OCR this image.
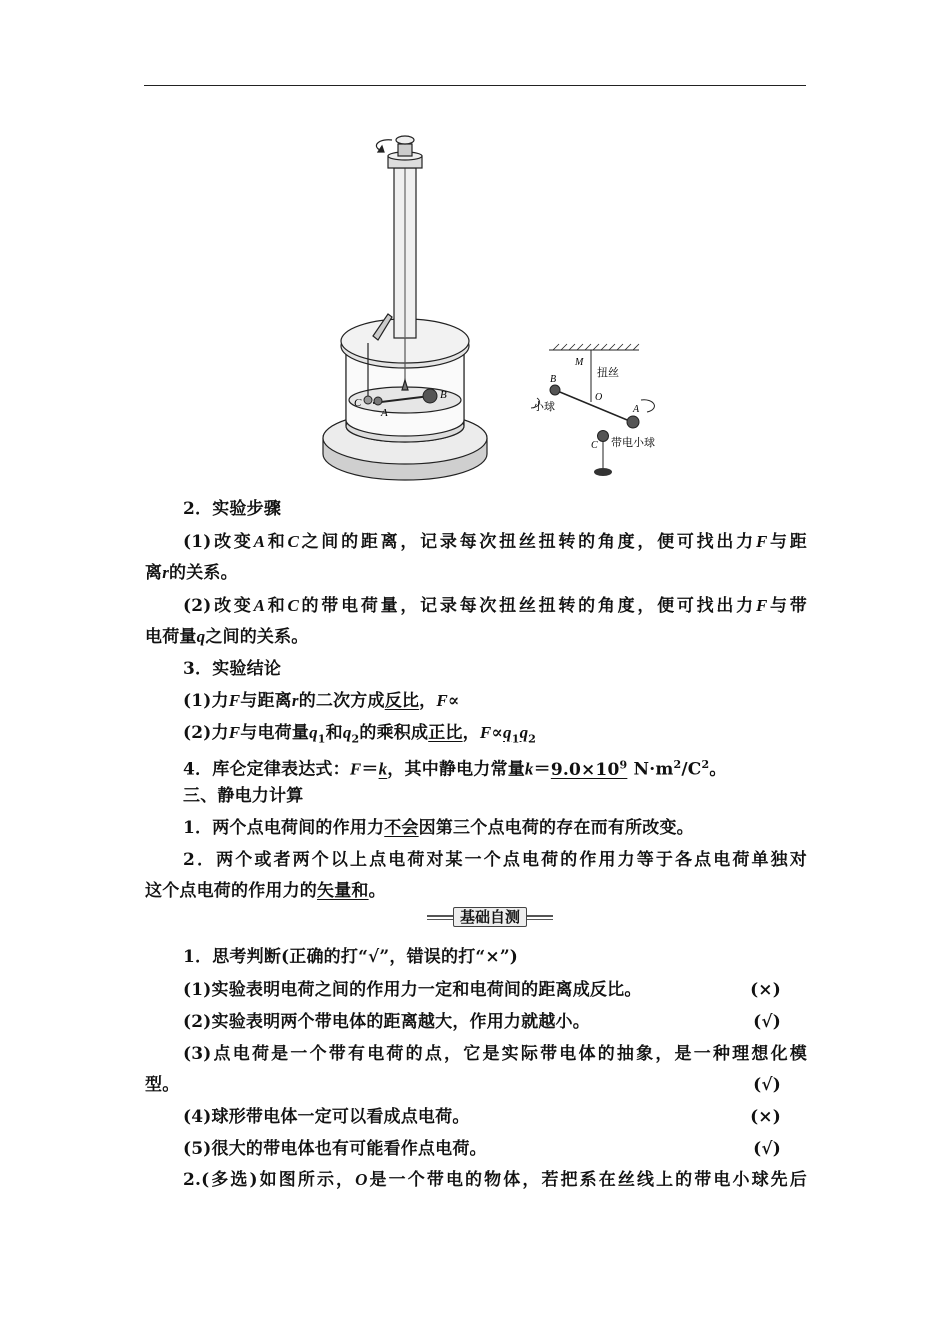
C
A
B
M
扭丝
B
O
小球	A
C 带电小球
2．实验步骤
(1)改变A和C之间的距离，记录每次扭丝扭转的角度，便可找出力F与距
离r的关系。
(2)改变A和C的带电荷量，记录每次扭丝扭转的角度，便可找出力F与带
电荷量q之间的关系。
3．实验结论
(1)力F与距离r的二次方成反比，F∝
(2)力F与电荷量$q_1$和$q_2$的乘积成正比，$F\propto q_1q_2$
4．库仑定律表达式：F＝k，其中静电力常量$k=9.0\times 10^9$ $N\cdot m^2/C^2$。
三、静电力计算
1．两个点电荷间的作用力不会因第三个点电荷的存在而有所改变。
2．两个或者两个以上点电荷对某一个点电荷的作用力等于各点电荷单独对
这个点电荷的作用力的矢量和。
基础自测
1．思考判断(正确的打“√”，错误的打“×”)
(1)实验表明电荷之间的作用力一定和电荷间的距离成反比。	(×)
(2)实验表明两个带电体的距离越大，作用力就越小。	(√)
(3)点电荷是一个带有电荷的点，它是实际带电体的抽象，是一种理想化模
型。	(√)
(4)球形带电体一定可以看成点电荷。	(×)
(5)很大的带电体也有可能看作点电荷。	(√)
2.(多选)如图所示，O是一个带电的物体，若把系在丝线上的带电小球先后
